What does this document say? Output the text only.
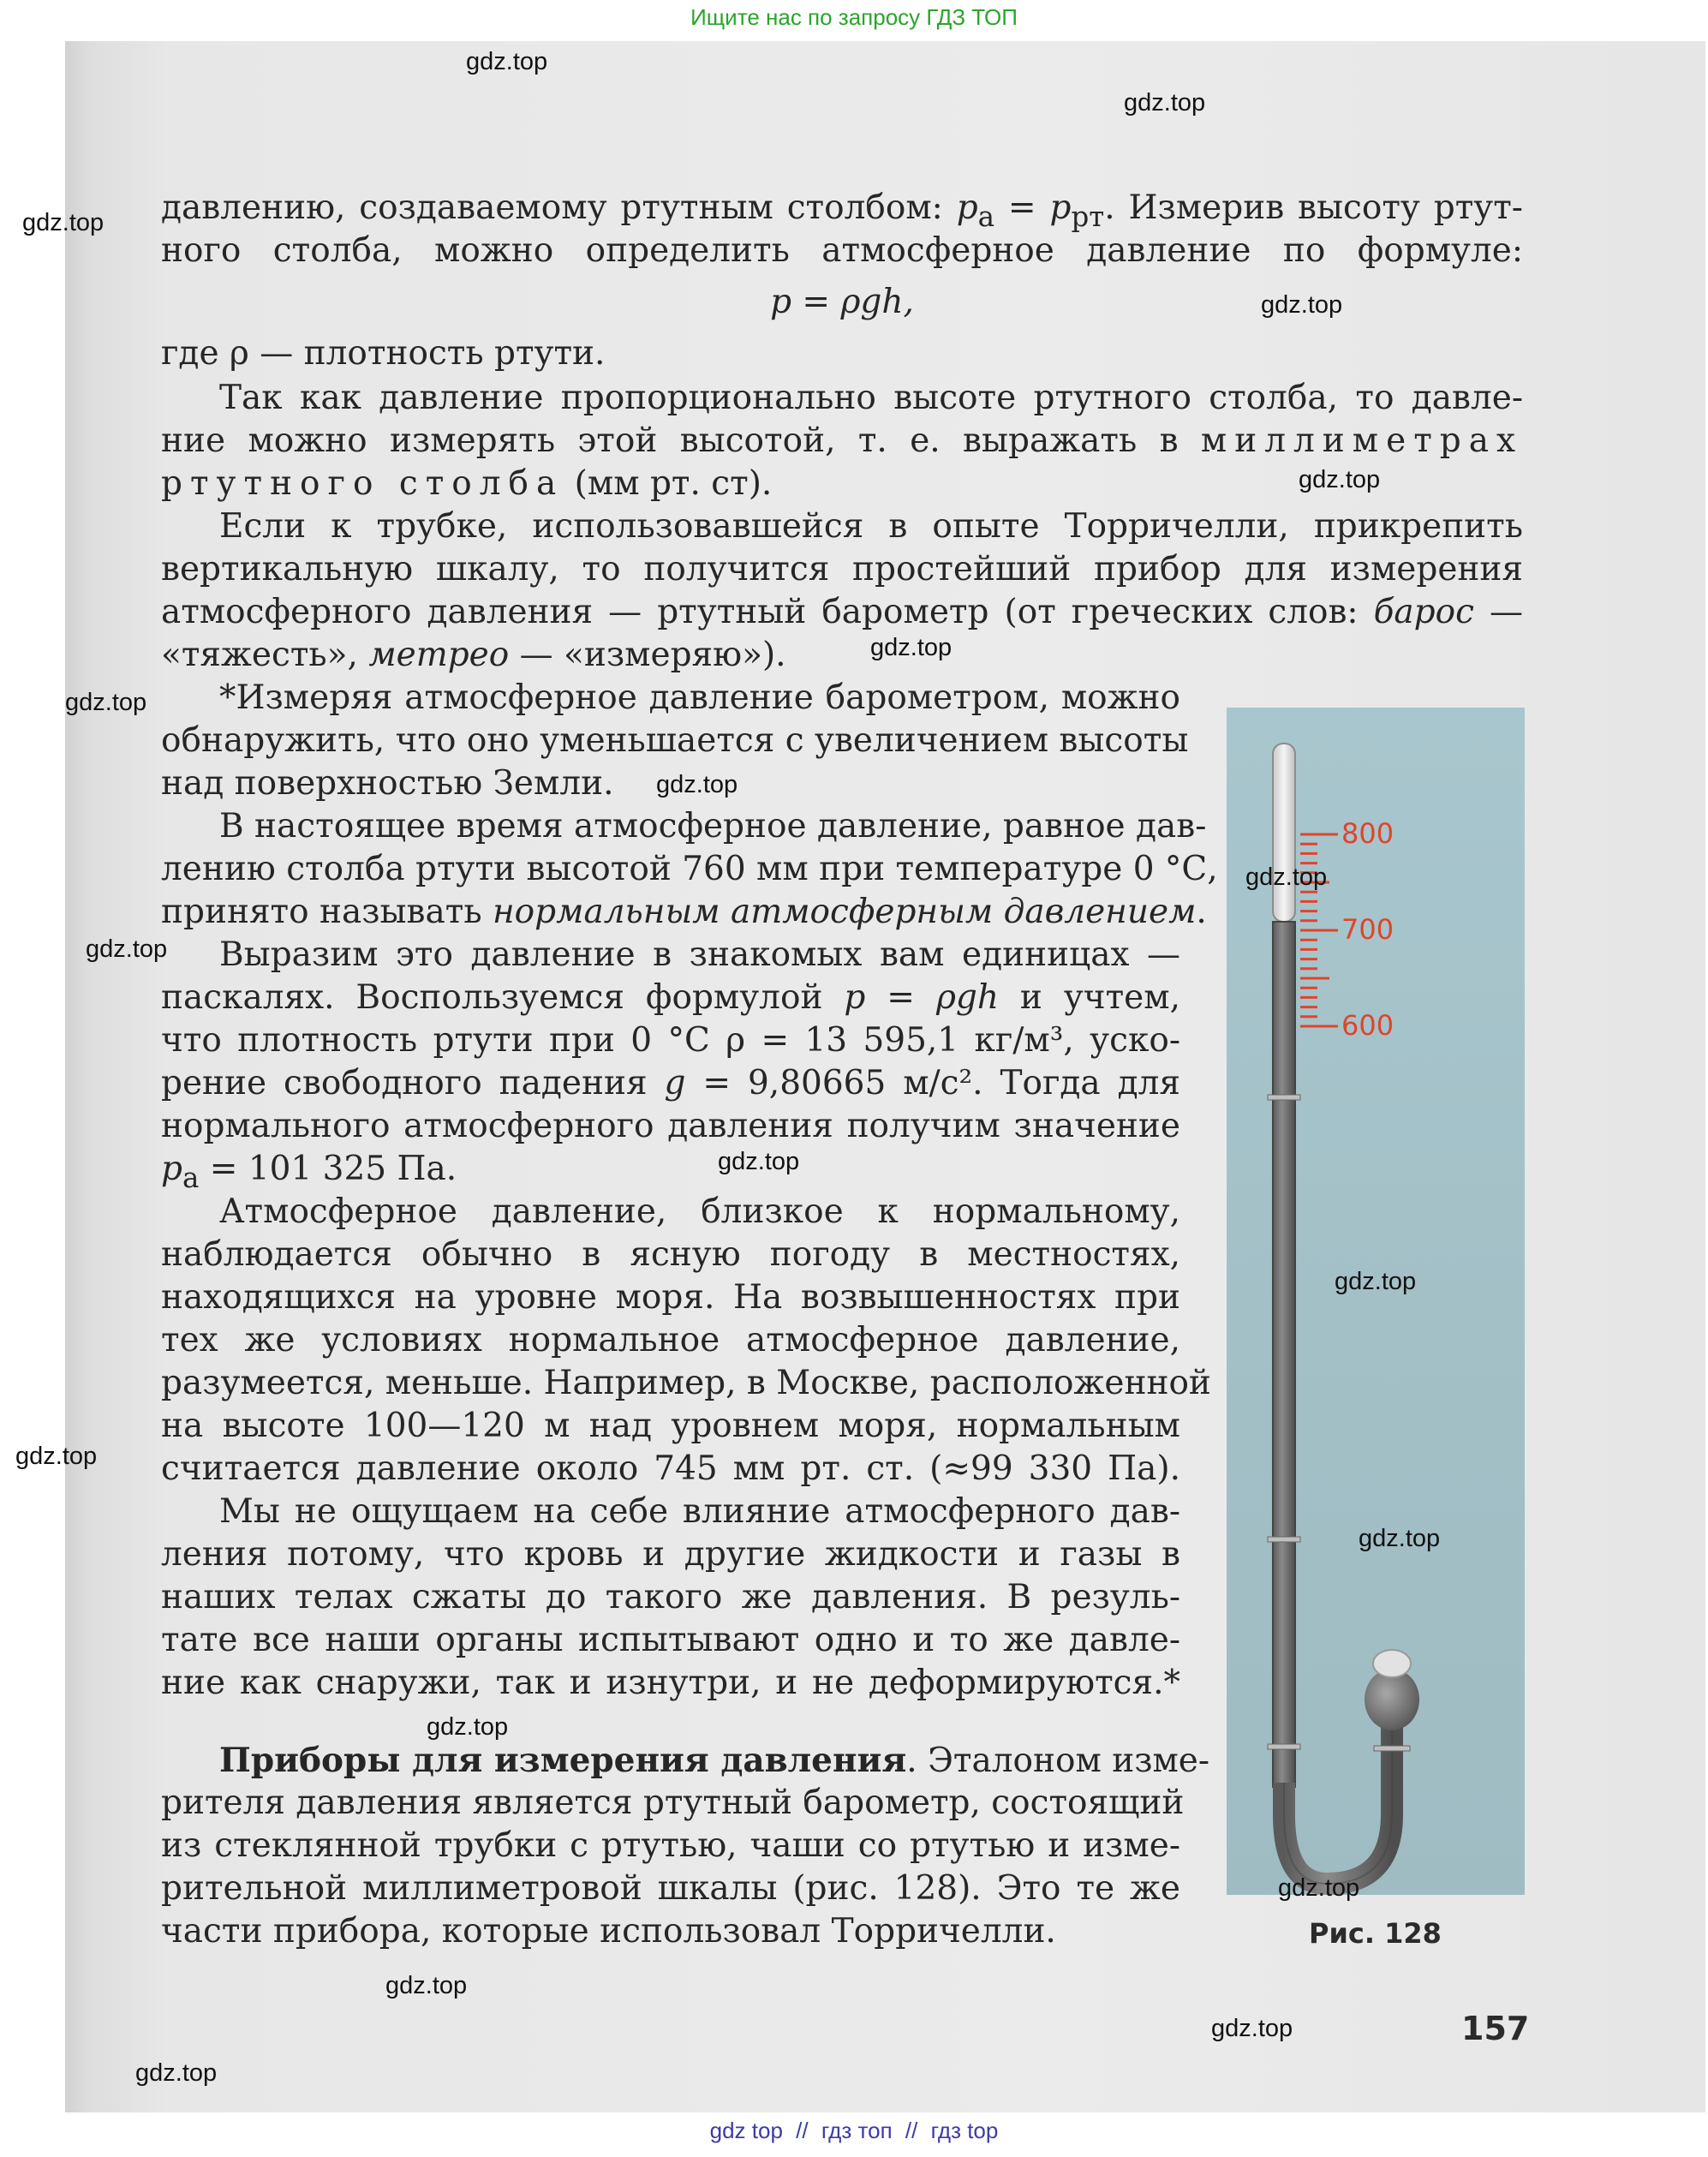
Ищите нас по запросу ГДЗ ТОП

давлению, создаваемому ртутным столбом: $p_a = p_{рт}$. Измерив высоту ртут-

ного столба, можно определить атмосферное давление по формуле:

p = ρgh,

где ρ — плотность ртути.

Так как давление пропорционально высоте ртутного столба, то давле-

ние можно измерять этой высотой, т. е. выражать в миллиметрах

ртутного столба (мм рт. ст).

Если к трубке, использовавшейся в опыте Торричелли, прикрепить

вертикальную шкалу, то получится простейший прибор для измерения

атмосферного давления — ртутный барометр (от греческих слов: барос —

«тяжесть», метрео — «измеряю»).

*Измеряя атмосферное давление барометром, можно

обнаружить, что оно уменьшается с увеличением высоты

над поверхностью Земли.

В настоящее время атмосферное давление, равное дав-

лению столба ртути высотой 760 мм при температуре 0 °С,

принято называть нормальным атмосферным давлением.

Выразим это давление в знакомых вам единицах —

паскалях. Воспользуемся формулой p = ρgh и учтем,

что плотность ртути при 0 °С ρ = 13 595,1 кг/м³, уско-

рение свободного падения g = 9,80665 м/с². Тогда для

нормального атмосферного давления получим значение

$p_a = 101$ 325 Па.

Атмосферное давление, близкое к нормальному,

наблюдается обычно в ясную погоду в местностях,

находящихся на уровне моря. На возвышенностях при

тех же условиях нормальное атмосферное давление,

разумеется, меньше. Например, в Москве, расположенной

на высоте 100—120 м над уровнем моря, нормальным

считается давление около 745 мм рт. ст. (≈99 330 Па).

Мы не ощущаем на себе влияние атмосферного дав-

ления потому, что кровь и другие жидкости и газы в

наших телах сжаты до такого же давления. В резуль-

тате все наши органы испытывают одно и то же давле-

ние как снаружи, так и изнутри, и не деформируются.*

Приборы для измерения давления. Эталоном изме-

рителя давления является ртутный барометр, состоящий

из стеклянной трубки с ртутью, чаши со ртутью и изме-

рительной миллиметровой шкалы (рис. 128). Это те же

части прибора, которые использовал Торричелли.

800
700
600
Рис. 128
157
gdz.top
gdz.top
gdz.top
gdz.top
gdz.top
gdz.top
gdz.top
gdz.top
gdz.top
gdz.top
gdz.top
gdz.top
gdz.top
gdz.top
gdz.top
gdz.top
gdz.top
gdz.top
gdz.top
gdz top // гдз топ // гдз top
